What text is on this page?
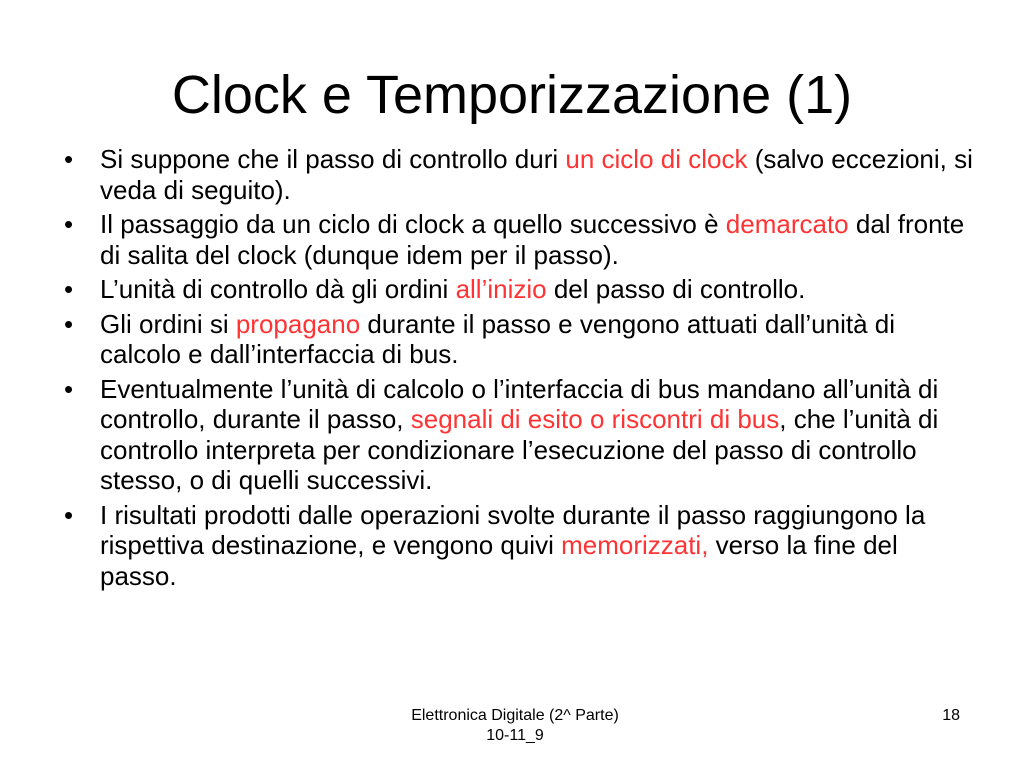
Clock e Temporizzazione (1)
• Si suppone che il passo di controllo duri un ciclo di clock (salvo eccezioni, si veda di seguito).
• Il passaggio da un ciclo di clock a quello successivo è demarcato dal fronte di salita del clock (dunque idem per il passo).
• L’unità di controllo dà gli ordini all’inizio del passo di controllo.
• Gli ordini si propagano durante il passo e vengono attuati dall’unità di calcolo e dall’interfaccia di bus.
• Eventualmente l’unità di calcolo o l’interfaccia di bus mandano all’unità di controllo, durante il passo, segnali di esito o riscontri di bus, che l’unità di controllo interpreta per condizionare l’esecuzione del passo di controllo stesso, o di quelli successivi.
• I risultati prodotti dalle operazioni svolte durante il passo raggiungono la rispettiva destinazione, e vengono quivi memorizzati, verso la fine del passo.
Elettronica Digitale (2^ Parte)
10-11_9
18
